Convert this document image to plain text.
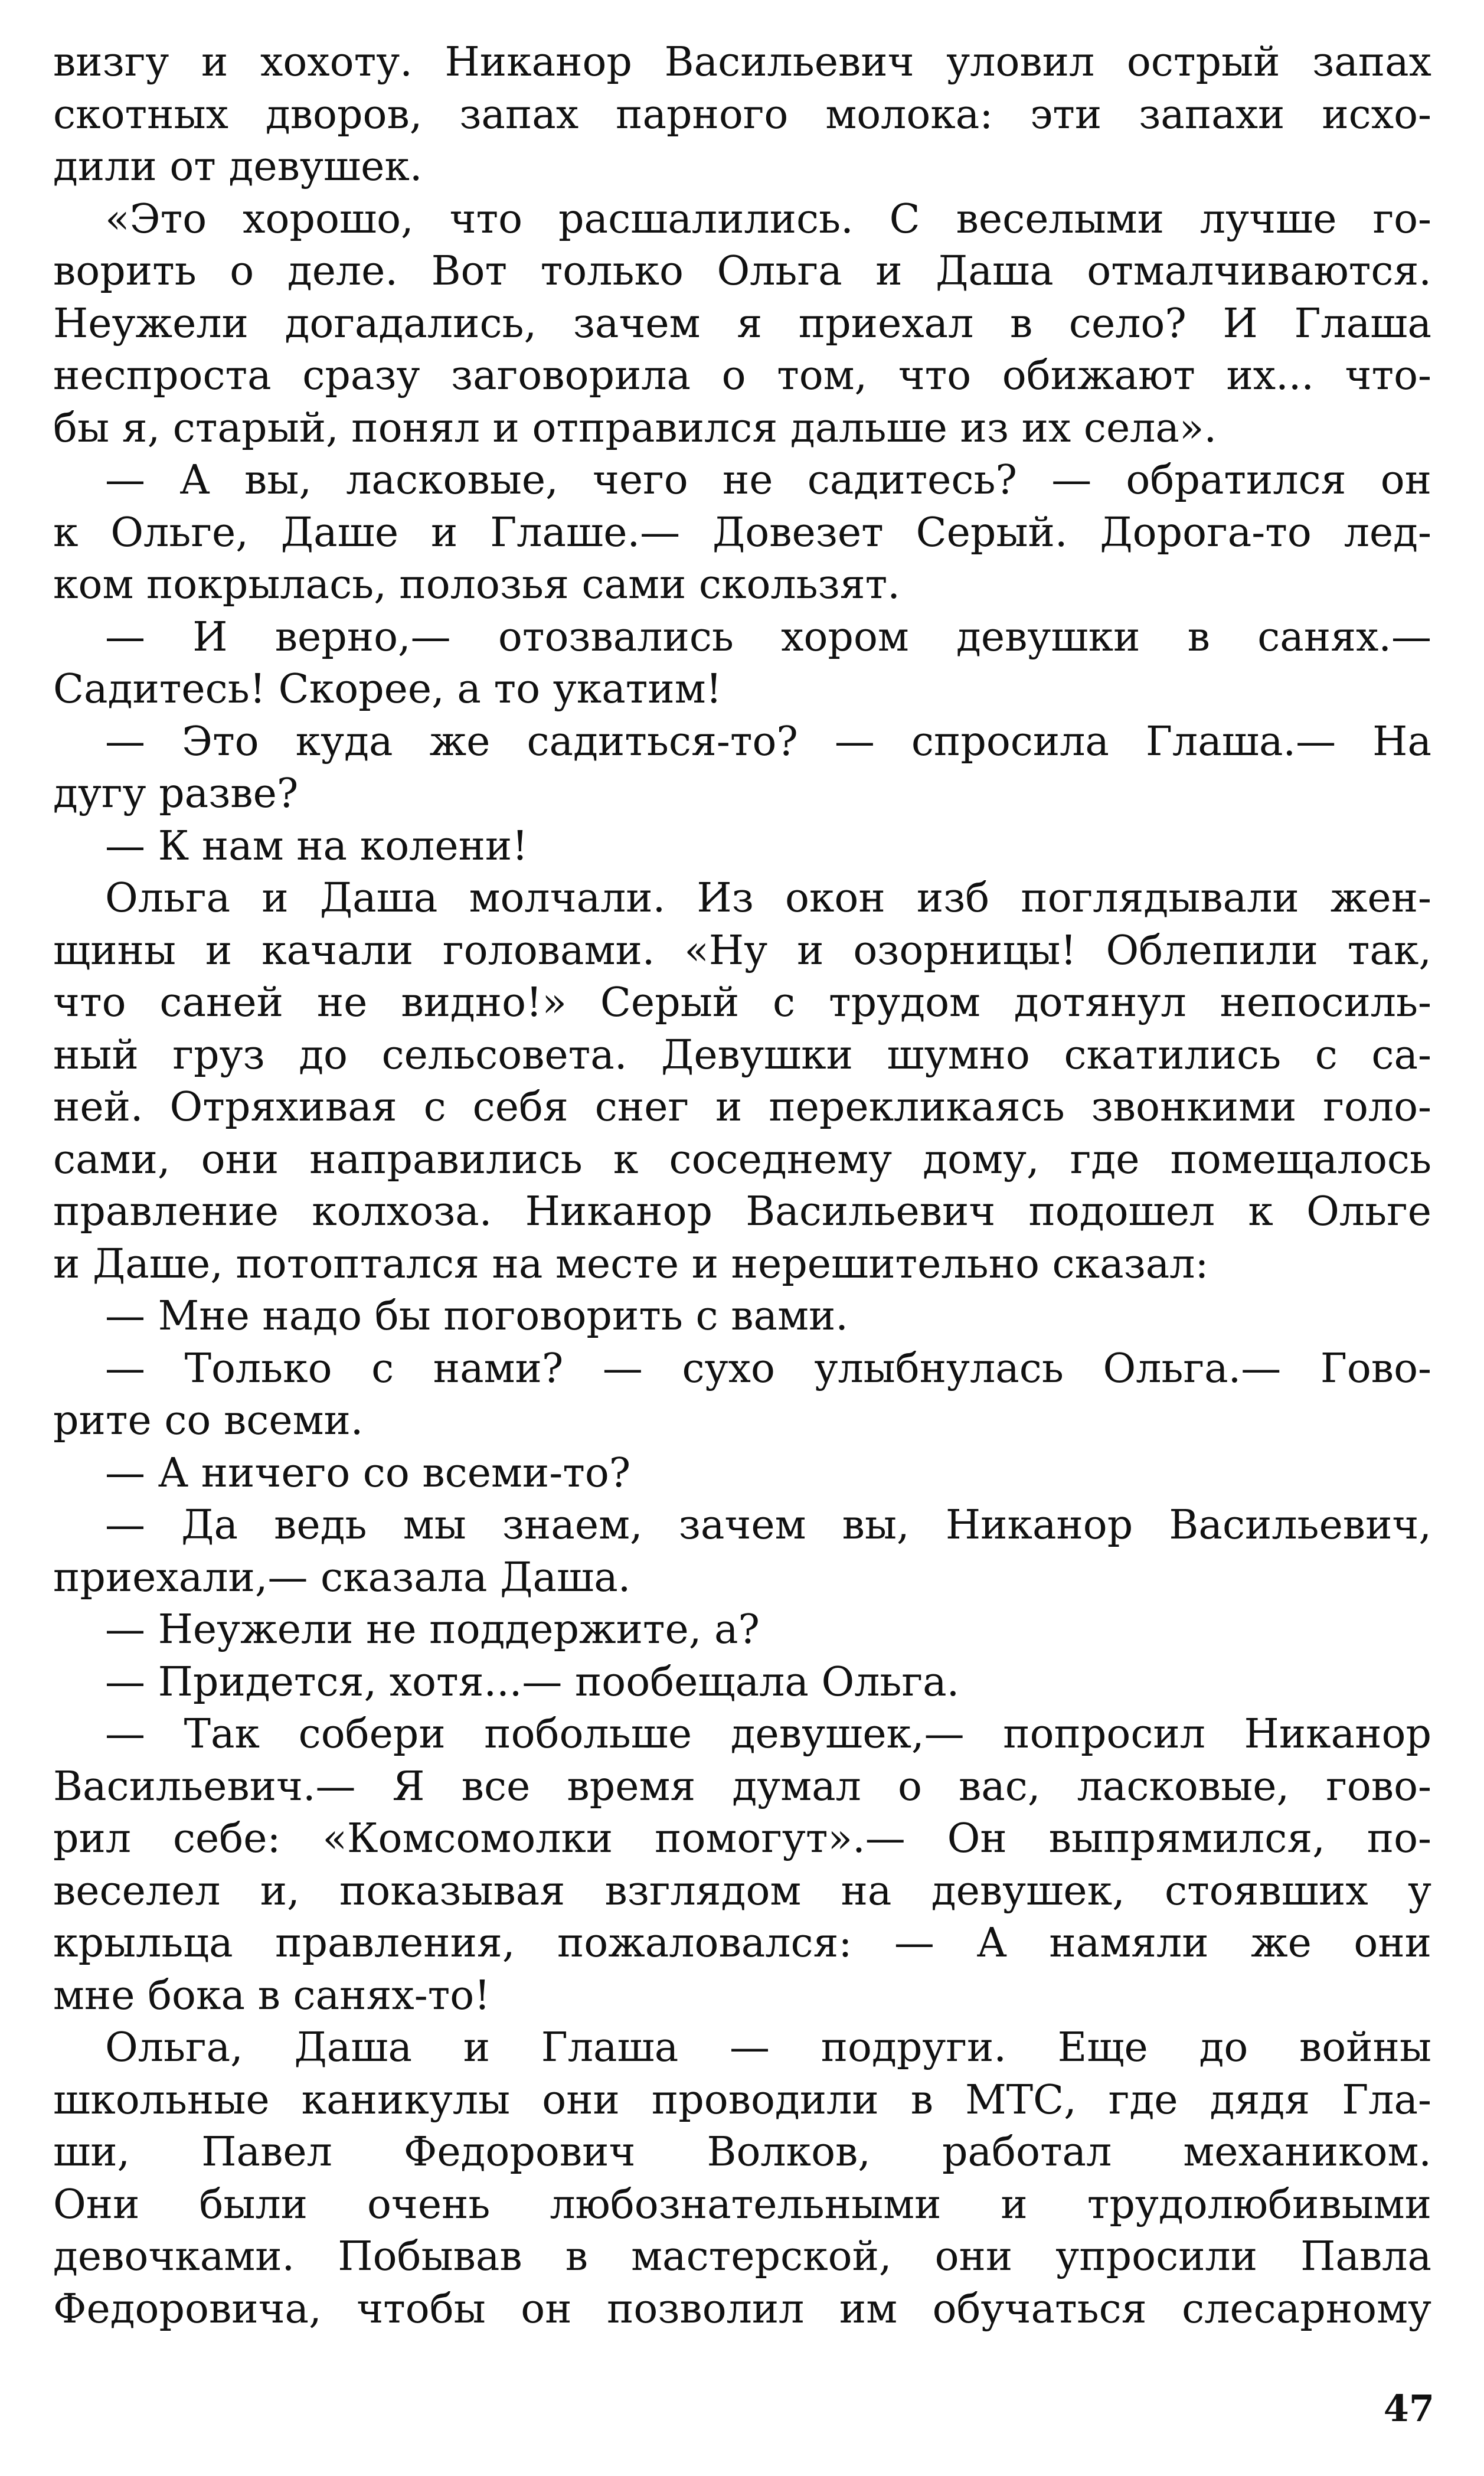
визгу и хохоту. Никанор Васильевич уловил острый запах
скотных дворов, запах парного молока: эти запахи исхо-
дили от девушек.
«Это хорошо, что расшалились. С веселыми лучше го-
ворить о деле. Вот только Ольга и Даша отмалчиваются.
Неужели догадались, зачем я приехал в село? И Глаша
неспроста сразу заговорила о том, что обижают их... что-
бы я, старый, понял и отправился дальше из их села».
— А вы, ласковые, чего не садитесь? — обратился он
к Ольге, Даше и Глаше.— Довезет Серый. Дорога-то лед-
ком покрылась, полозья сами скользят.
— И верно,— отозвались хором девушки в санях.—
Садитесь! Скорее, а то укатим!
— Это куда же садиться-то? — спросила Глаша.— На
дугу разве?
— К нам на колени!
Ольга и Даша молчали. Из окон изб поглядывали жен-
щины и качали головами. «Ну и озорницы! Облепили так,
что саней не видно!» Серый с трудом дотянул непосиль-
ный груз до сельсовета. Девушки шумно скатились с са-
ней. Отряхивая с себя снег и перекликаясь звонкими голо-
сами, они направились к соседнему дому, где помещалось
правление колхоза. Никанор Васильевич подошел к Ольге
и Даше, потоптался на месте и нерешительно сказал:
— Мне надо бы поговорить с вами.
— Только с нами? — сухо улыбнулась Ольга.— Гово-
рите со всеми.
— А ничего со всеми-то?
— Да ведь мы знаем, зачем вы, Никанор Васильевич,
приехали,— сказала Даша.
— Неужели не поддержите, а?
— Придется, хотя...— пообещала Ольга.
— Так собери побольше девушек,— попросил Никанор
Васильевич.— Я все время думал о вас, ласковые, гово-
рил себе: «Комсомолки помогут».— Он выпрямился, по-
веселел и, показывая взглядом на девушек, стоявших у
крыльца правления, пожаловался: — А намяли же они
мне бока в санях-то!
Ольга, Даша и Глаша — подруги. Еще до войны
школьные каникулы они проводили в МТС, где дядя Гла-
ши, Павел Федорович Волков, работал механиком.
Они были очень любознательными и трудолюбивыми
девочками. Побывав в мастерской, они упросили Павла
Федоровича, чтобы он позволил им обучаться слесарному
47
